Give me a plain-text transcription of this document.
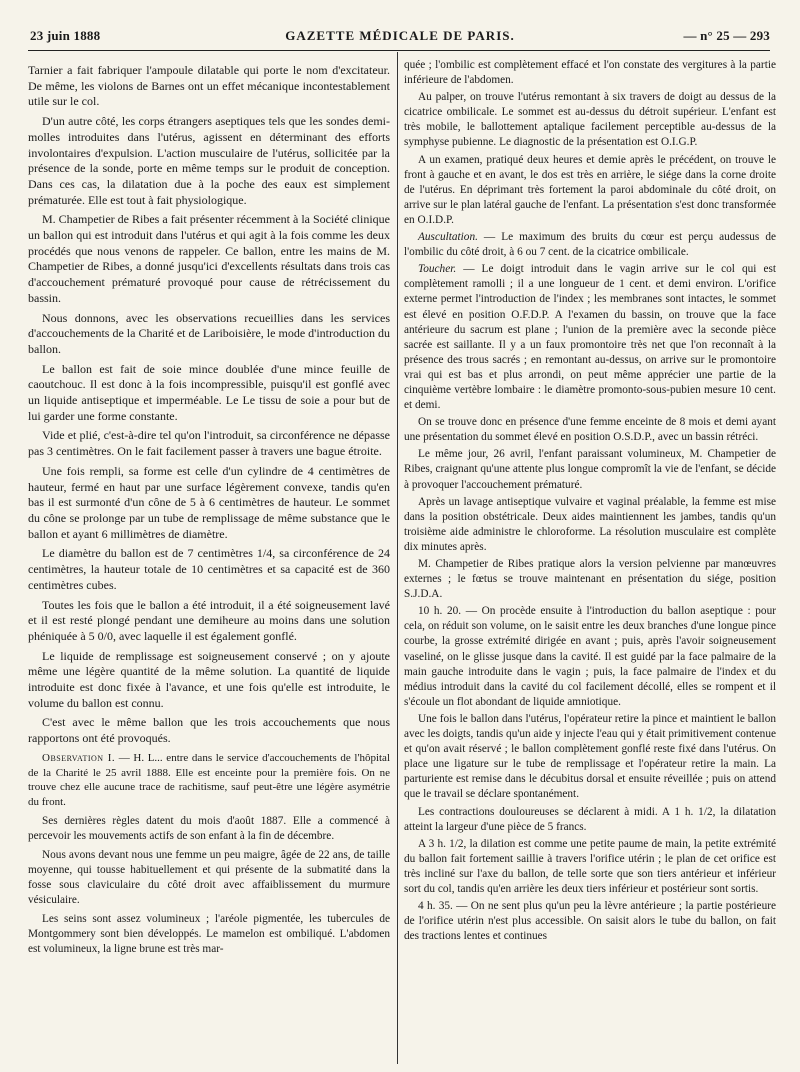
23 juin 1888	GAZETTE MÉDICALE DE PARIS.	— n° 25 — 293

Tarnier a fait fabriquer l'ampoule dilatable qui porte le nom d'excitateur. De même, les violons de Barnes ont un effet mécanique incontestablement utile sur le col.

D'un autre côté, les corps étrangers aseptiques tels que les sondes demi-molles introduites dans l'utérus, agissent en déterminant des efforts involontaires d'expulsion. L'action musculaire de l'utérus, sollicitée par la présence de la sonde, porte en même temps sur le produit de conception. Dans ces cas, la dilatation due à la poche des eaux est simplement prématurée. Elle est tout à fait physiologique.

M. Champetier de Ribes a fait présenter récemment à la Société clinique un ballon qui est introduit dans l'utérus et qui agit à la fois comme les deux procédés que nous venons de rappeler. Ce ballon, entre les mains de M. Champetier de Ribes, a donné jusqu'ici d'excellents résultats dans trois cas d'accouchement prématuré provoqué pour cause de rétrécissement du bassin.

Nous donnons, avec les observations recueillies dans les services d'accouchements de la Charité et de Lariboisière, le mode d'introduction du ballon.

Le ballon est fait de soie mince doublée d'une mince feuille de caoutchouc. Il est donc à la fois incompressible, puisqu'il est gonflé avec un liquide antiseptique et imperméable. Le Le tissu de soie a pour but de lui garder une forme constante.

Vide et plié, c'est-à-dire tel qu'on l'introduit, sa circonférence ne dépasse pas 3 centimètres. On le fait facilement passer à travers une bague étroite.

Une fois rempli, sa forme est celle d'un cylindre de 4 centimètres de hauteur, fermé en haut par une surface légèrement convexe, tandis qu'en bas il est surmonté d'un cône de 5 à 6 centimètres de hauteur. Le sommet du cône se prolonge par un tube de remplissage de même substance que le ballon et ayant 6 millimètres de diamètre.

Le diamètre du ballon est de 7 centimètres 1/4, sa circonférence de 24 centimètres, la hauteur totale de 10 centimètres et sa capacité est de 360 centimètres cubes.

Toutes les fois que le ballon a été introduit, il a été soigneusement lavé et il est resté plongé pendant une demiheure au moins dans une solution phéniquée à 5 0/0, avec laquelle il est également gonflé.

Le liquide de remplissage est soigneusement conservé ; on y ajoute même une légère quantité de la même solution. La quantité de liquide introduite est donc fixée à l'avance, et une fois qu'elle est introduite, le volume du ballon est connu.

C'est avec le même ballon que les trois accouchements que nous rapportons ont été provoqués.

Observation I. — H. L... entre dans le service d'accouchements de l'hôpital de la Charité le 25 avril 1888. Elle est enceinte pour la première fois. On ne trouve chez elle aucune trace de rachitisme, sauf peut-être une légère asymétrie du front.

Ses dernières règles datent du mois d'août 1887. Elle a commencé à percevoir les mouvements actifs de son enfant à la fin de décembre.

Nous avons devant nous une femme un peu maigre, âgée de 22 ans, de taille moyenne, qui tousse habituellement et qui présente de la submatité dans la fosse sous claviculaire du côté droit avec affaiblissement du murmure vésiculaire.

Les seins sont assez volumineux ; l'aréole pigmentée, les tubercules de Montgommery sont bien développés. Le mamelon est ombiliqué. L'abdomen est volumineux, la ligne brune est très mar-

quée ; l'ombilic est complètement effacé et l'on constate des vergitures à la partie inférieure de l'abdomen.

Au palper, on trouve l'utérus remontant à six travers de doigt au dessus de la cicatrice ombilicale. Le sommet est au-dessus du détroit supérieur. L'enfant est très mobile, le ballottement aptalique facilement perceptible au-dessus de la symphyse pubienne. Le diagnostic de la présentation est O.I.G.P.

A un examen, pratiqué deux heures et demie après le précédent, on trouve le front à gauche et en avant, le dos est très en arrière, le siége dans la corne droite de l'utérus. En déprimant très fortement la paroi abdominale du côté droit, on arrive sur le plan latéral gauche de l'enfant. La présentation s'est donc transformée en O.I.D.P.

Auscultation. — Le maximum des bruits du cœur est perçu audessus de l'ombilic du côté droit, à 6 ou 7 cent. de la cicatrice ombilicale.

Toucher. — Le doigt introduit dans le vagin arrive sur le col qui est complètement ramolli ; il a une longueur de 1 cent. et demi environ. L'orifice externe permet l'introduction de l'index ; les membranes sont intactes, le sommet est élevé en position O.F.D.P. A l'examen du bassin, on trouve que la face antérieure du sacrum est plane ; l'union de la première avec la seconde pièce sacrée est saillante. Il y a un faux promontoire très net que l'on reconnaît à la présence des trous sacrés ; en remontant au-dessus, on arrive sur le promontoire vrai qui est bas et plus arrondi, on peut même apprécier une partie de la cinquième vertèbre lombaire : le diamètre promonto-sous-pubien mesure 10 cent. et demi.

On se trouve donc en présence d'une femme enceinte de 8 mois et demi ayant une présentation du sommet élevé en position O.S.D.P., avec un bassin rétréci.

Le même jour, 26 avril, l'enfant paraissant volumineux, M. Champetier de Ribes, craignant qu'une attente plus longue compromît la vie de l'enfant, se décide à provoquer l'accouchement prématuré.

Après un lavage antiseptique vulvaire et vaginal préalable, la femme est mise dans la position obstétricale. Deux aides maintiennent les jambes, tandis qu'un troisième aide administre le chloroforme. La résolution musculaire est complète dix minutes après.

M. Champetier de Ribes pratique alors la version pelvienne par manœuvres externes ; le fœtus se trouve maintenant en présentation du siége, position S.J.D.A.

10 h. 20. — On procède ensuite à l'introduction du ballon aseptique : pour cela, on réduit son volume, on le saisit entre les deux branches d'une longue pince courbe, la grosse extrémité dirigée en avant ; puis, après l'avoir soigneusement vaseliné, on le glisse jusque dans la cavité. Il est guidé par la face palmaire de la main gauche introduite dans le vagin ; puis, la face palmaire de l'index et du médius introduit dans la cavité du col facilement décollé, elles se rompent et il s'écoule un flot abondant de liquide amniotique.

Une fois le ballon dans l'utérus, l'opérateur retire la pince et maintient le ballon avec les doigts, tandis qu'un aide y injecte l'eau qui y était primitivement contenue et qu'on avait réservé ; le ballon complètement gonflé reste fixé dans l'utérus. On place une ligature sur le tube de remplissage et l'opérateur retire la main. La parturiente est remise dans le décubitus dorsal et ensuite réveillée ; puis on attend que le travail se déclare spontanément.

Les contractions douloureuses se déclarent à midi. A 1 h. 1/2, la dilatation atteint la largeur d'une pièce de 5 francs.

A 3 h. 1/2, la dilation est comme une petite paume de main, la petite extrémité du ballon fait fortement saillie à travers l'orifice utérin ; le plan de cet orifice est très incliné sur l'axe du ballon, de telle sorte que son tiers antérieur et inférieur sort du col, tandis qu'en arrière les deux tiers inférieur et postérieur sont sortis.

4 h. 35. — On ne sent plus qu'un peu la lèvre antérieure ; la partie postérieure de l'orifice utérin n'est plus accessible. On saisit alors le tube du ballon, on fait des tractions lentes et continues
